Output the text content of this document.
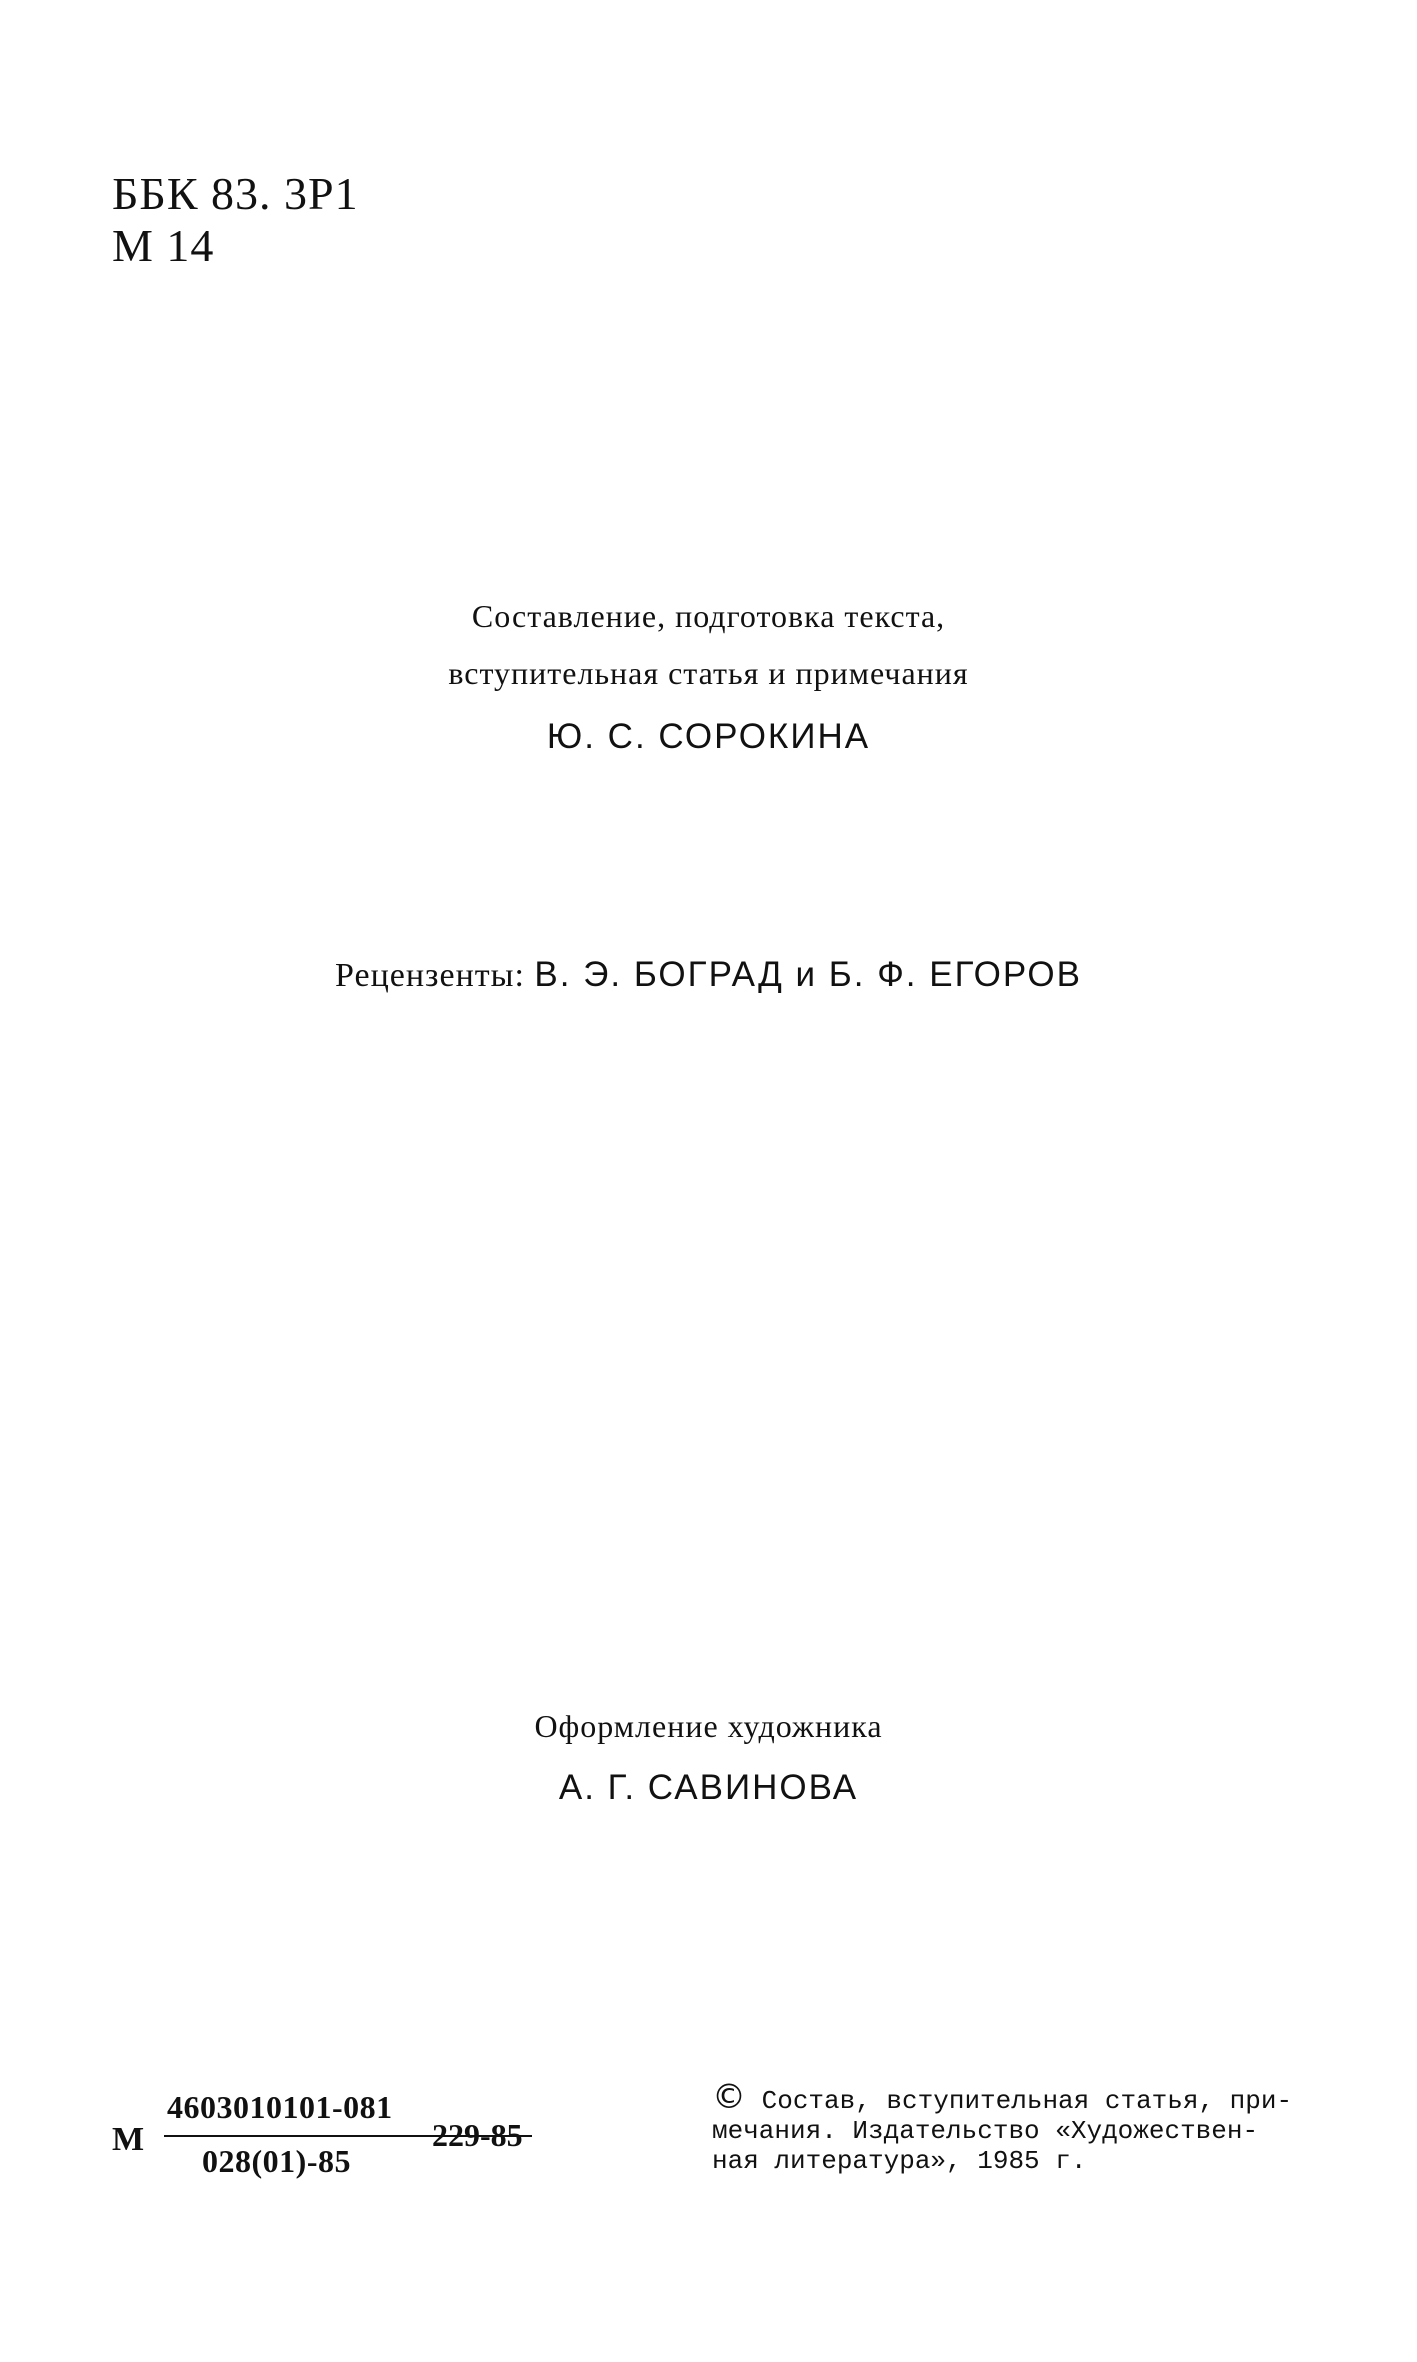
ББК 83. 3Р1
М 14
Составление, подготовка текста,
вступительная статья и примечания
Ю. С. СОРОКИНА
Рецензенты: В. Э. БОГРАД и Б. Ф. ЕГОРОВ
Оформление художника
А. Г. САВИНОВА
М
4603010101-081
028(01)-85
229-85
© Состав, вступительная статья, при-
мечания. Издательство «Художествен-
ная литература», 1985 г.
